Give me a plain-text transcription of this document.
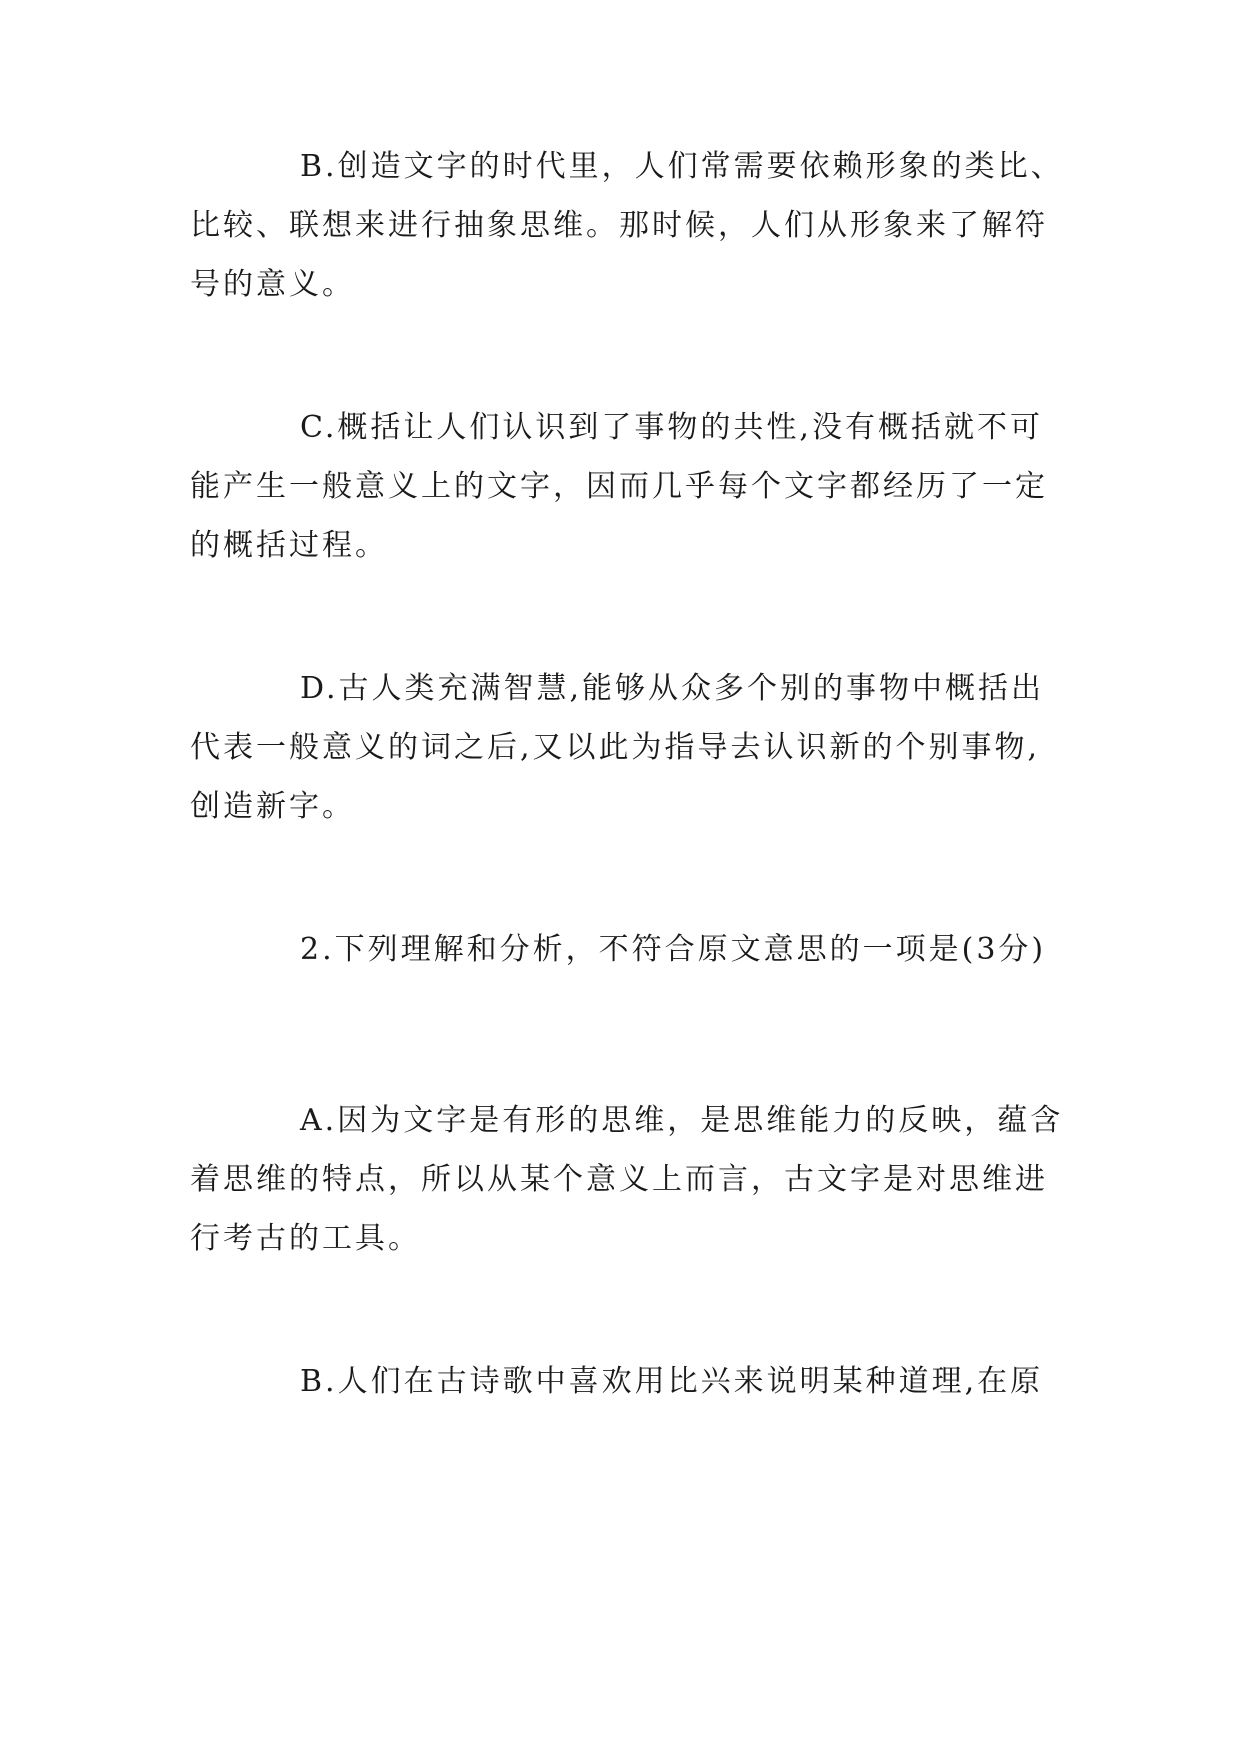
B.创造文字的时代里，人们常需要依赖形象的类比、
比较、联想来进行抽象思维。那时候，人们从形象来了解符
号的意义。
C.概括让人们认识到了事物的共性,没有概括就不可
能产生一般意义上的文字，因而几乎每个文字都经历了一定
的概括过程。
D.古人类充满智慧,能够从众多个别的事物中概括出
代表一般意义的词之后,又以此为指导去认识新的个别事物,
创造新字。
2.下列理解和分析，不符合原文意思的一项是(3分)
A.因为文字是有形的思维，是思维能力的反映，蕴含
着思维的特点，所以从某个意义上而言，古文字是对思维进
行考古的工具。
B.人们在古诗歌中喜欢用比兴来说明某种道理,在原
